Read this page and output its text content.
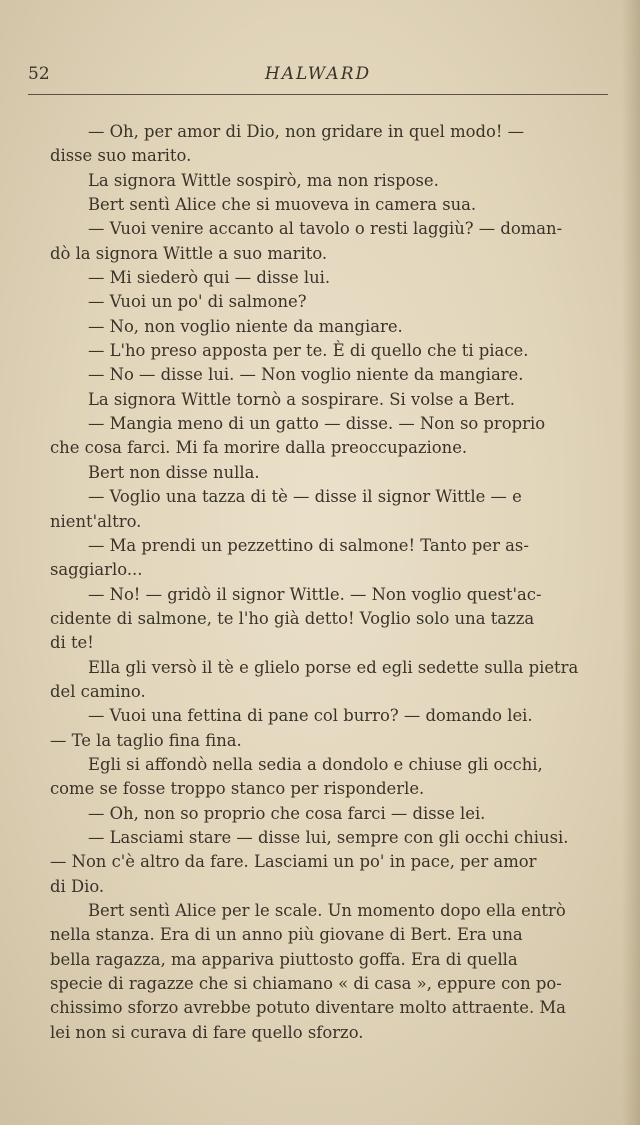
52	HALWARD
— Oh, per amor di Dio, non gridare in quel modo! —
disse suo marito.
La signora Wittle sospirò, ma non rispose.
Bert sentì Alice che si muoveva in camera sua.
— Vuoi venire accanto al tavolo o resti laggiù? — doman-
dò la signora Wittle a suo marito.
— Mi siederò qui — disse lui.
— Vuoi un po' di salmone?
— No, non voglio niente da mangiare.
— L'ho preso apposta per te. È di quello che ti piace.
— No — disse lui. — Non voglio niente da mangiare.
La signora Wittle tornò a sospirare. Si volse a Bert.
— Mangia meno di un gatto — disse. — Non so proprio
che cosa farci. Mi fa morire dalla preoccupazione.
Bert non disse nulla.
— Voglio una tazza di tè — disse il signor Wittle — e
nient'altro.
— Ma prendi un pezzettino di salmone! Tanto per as-
saggiarlo...
— No! — gridò il signor Wittle. — Non voglio quest'ac-
cidente di salmone, te l'ho già detto! Voglio solo una tazza
di te!
Ella gli versò il tè e glielo porse ed egli sedette sulla pietra
del camino.
— Vuoi una fettina di pane col burro? — domando lei.
— Te la taglio fina fina.
Egli si affondò nella sedia a dondolo e chiuse gli occhi,
come se fosse troppo stanco per risponderle.
— Oh, non so proprio che cosa farci — disse lei.
— Lasciami stare — disse lui, sempre con gli occhi chiusi.
— Non c'è altro da fare. Lasciami un po' in pace, per amor
di Dio.
Bert sentì Alice per le scale. Un momento dopo ella entrò
nella stanza. Era di un anno più giovane di Bert. Era una
bella ragazza, ma appariva piuttosto goffa. Era di quella
specie di ragazze che si chiamano « di casa », eppure con po-
chissimo sforzo avrebbe potuto diventare molto attraente. Ma
lei non si curava di fare quello sforzo.
